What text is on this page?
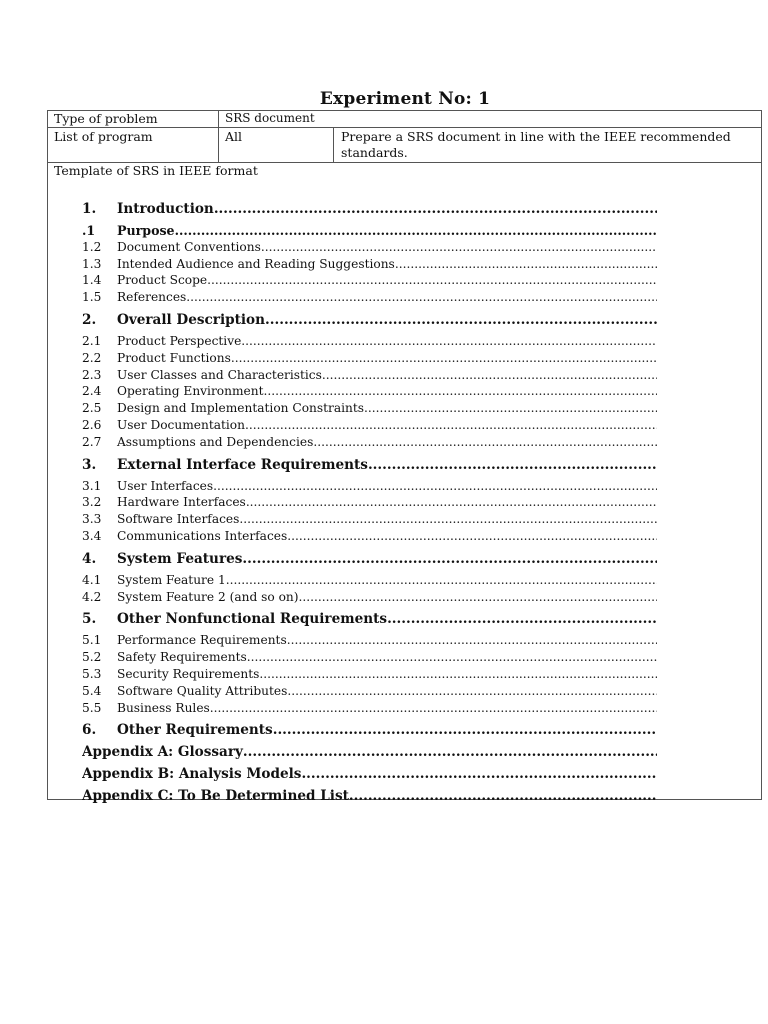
Experiment No: 1
Type of problem	SRS document
List of program	All	Prepare a SRS document in line with the IEEE recommended standards.
Template of SRS in IEEE format
1.	Introduction
.....
.1	Purpose
.....
1.2	Document Conventions
.....
1.3	Intended Audience and Reading Suggestions
.....
1.4	Product Scope
.....
1.5	References
.....
2.	Overall Description
.....
2.1	Product Perspective
.....
2.2	Product Functions
.....
2.3	User Classes and Characteristics
.....
2.4	Operating Environment
.....
2.5	Design and Implementation Constraints
.....
2.6	User Documentation
.....
2.7	Assumptions and Dependencies
.....
3.	External Interface Requirements
.....
3.1	User Interfaces
.....
3.2	Hardware Interfaces
.....
3.3	Software Interfaces
.....
3.4	Communications Interfaces
.....
4.	System Features
.....
4.1	System Feature 1
.....
4.2	System Feature 2 (and so on)
.....
5.	Other Nonfunctional Requirements
.....
5.1	Performance Requirements
.....
5.2	Safety Requirements
.....
5.3	Security Requirements
.....
5.4	Software Quality Attributes
.....
5.5	Business Rules
.....
6.	Other Requirements
.....
Appendix A: Glossary
.....
Appendix B: Analysis Models
.....
Appendix C: To Be Determined List
.....
